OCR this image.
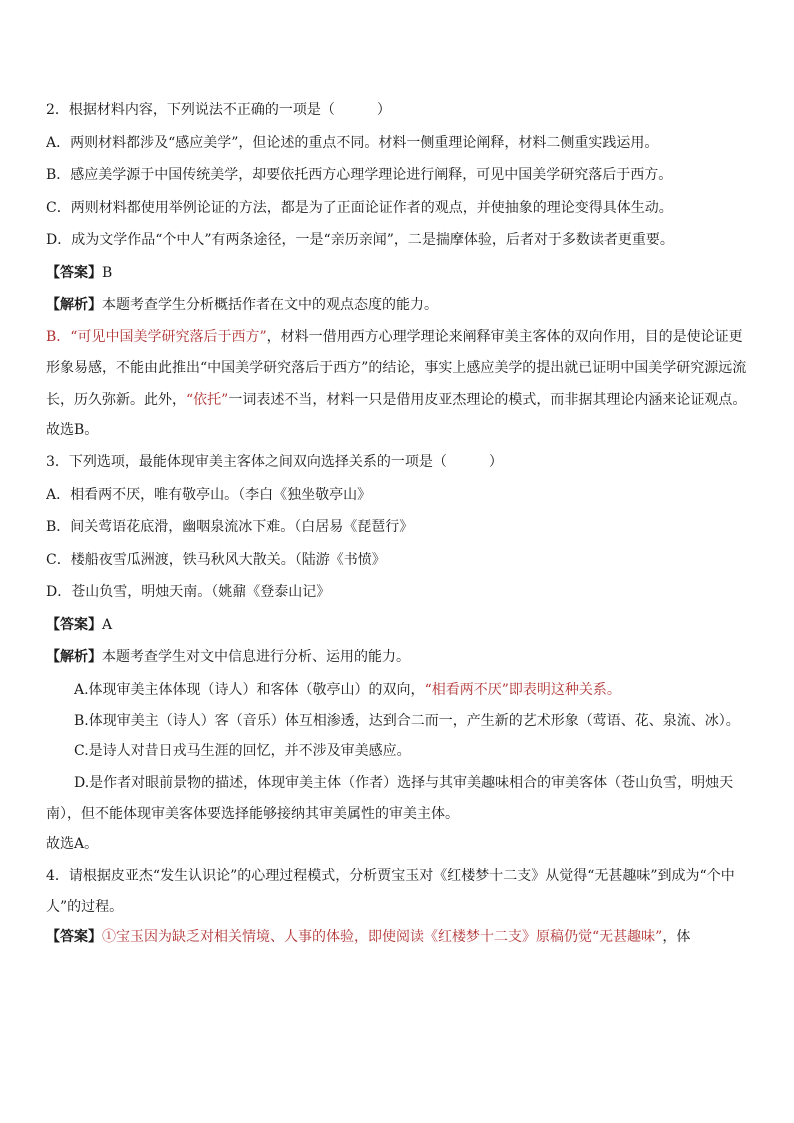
2．根据材料内容，下列说法不正确的一项是（　　　）

A．两则材料都涉及“感应美学”，但论述的重点不同。材料一侧重理论阐释，材料二侧重实践运用。

B．感应美学源于中国传统美学，却要依托西方心理学理论进行阐释，可见中国美学研究落后于西方。

C．两则材料都使用举例论证的方法，都是为了正面论证作者的观点，并使抽象的理论变得具体生动。

D．成为文学作品“个中人”有两条途径，一是“亲历亲闻”，二是揣摩体验，后者对于多数读者更重要。

【答案】B

【解析】本题考查学生分析概括作者在文中的观点态度的能力。

B．“可见中国美学研究落后于西方”，材料一借用西方心理学理论来阐释审美主客体的双向作用，目的是使论证更形象易感，不能由此推出“中国美学研究落后于西方”的结论，事实上感应美学的提出就已证明中国美学研究源远流长，历久弥新。此外，“依托”一词表述不当，材料一只是借用皮亚杰理论的模式，而非据其理论内涵来论证观点。

故选B。

3．下列选项，最能体现审美主客体之间双向选择关系的一项是（　　　）

A．相看两不厌，唯有敬亭山。（李白《独坐敬亭山》

B．间关莺语花底滑，幽咽泉流冰下难。（白居易《琵琶行》

C．楼船夜雪瓜洲渡，铁马秋风大散关。（陆游《书愤》

D．苍山负雪，明烛天南。（姚鼐《登泰山记》

【答案】A

【解析】本题考查学生对文中信息进行分析、运用的能力。

A.体现审美主体体现（诗人）和客体（敬亭山）的双向，“相看两不厌”即表明这种关系。

B.体现审美主（诗人）客（音乐）体互相渗透，达到合二而一，产生新的艺术形象（莺语、花、泉流、冰）。

C.是诗人对昔日戎马生涯的回忆，并不涉及审美感应。

D.是作者对眼前景物的描述，体现审美主体（作者）选择与其审美趣味相合的审美客体（苍山负雪，明烛天南），但不能体现审美客体要选择能够接纳其审美属性的审美主体。

故选A。

4．请根据皮亚杰“发生认识论”的心理过程模式，分析贾宝玉对《红楼梦十二支》从觉得“无甚趣味”到成为“个中人”的过程。

【答案】①宝玉因为缺乏对相关情境、人事的体验，即使阅读《红楼梦十二支》原稿仍觉“无甚趣味”，体
